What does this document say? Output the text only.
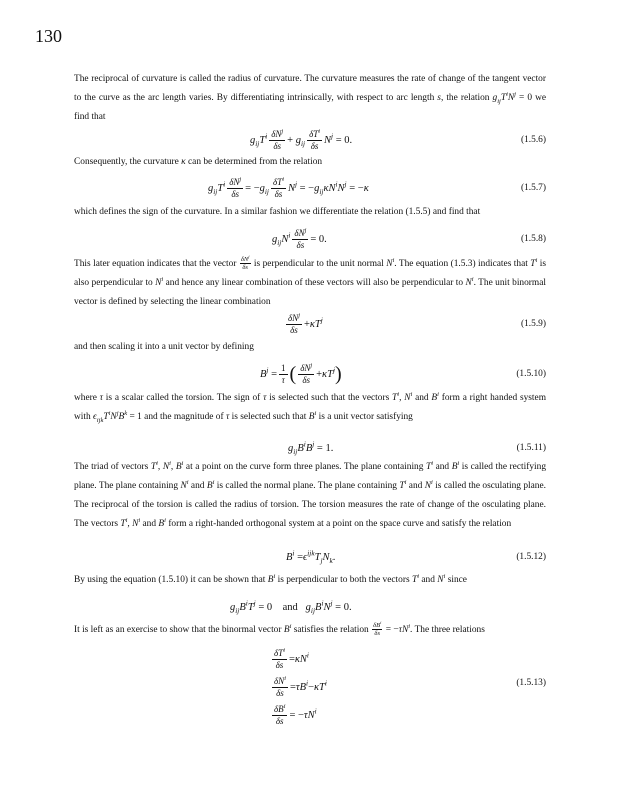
130

The reciprocal of curvature is called the radius of curvature. The curvature measures the rate of change of the tangent vector to the curve as the arc length varies. By differentiating intrinsically, with respect to arc length s, the relation $g_{ij}T^iN^j = 0$ we find that

$g_{ij}T^i \frac{\delta N^j}{\delta s} + g_{ij} \frac{\delta T^i}{\delta s} N^j = 0$.	(1.5.6)

Consequently, the curvature κ can be determined from the relation

$g_{ij}T^i \frac{\delta N^j}{\delta s}$ = − $g_{ij} \frac{\delta T^i}{\delta s} N^j$ = − $g_{ij}\kappa N^iN^j$ = − κ	(1.5.7)

which defines the sign of the curvature. In a similar fashion we differentiate the relation (1.5.5) and find that

$g_{ij}N^i \frac{\delta N^j}{\delta s} = 0$.	(1.5.8)

This later equation indicates that the vector $\delta N^j$
δs is perpendicular to the unit normal $N^i$. The equation (1.5.3) indicates that $T^i$ is also perpendicular to $N^i$ and hence any linear combination of these vectors will also be perpendicular to $N^i$. The unit binormal vector is defined by selecting the linear combination

$\frac{\delta N^j}{\delta s} + \kappa T^j$	(1.5.9)

and then scaling it into a unit vector by defining

$B^j = \frac{1}{\tau}$ ( $\frac{\delta N^j}{\delta s} + \kappa T^j$ )	(1.5.10)

where τ is a scalar called the torsion. The sign of τ is selected such that the vectors $T^i$, $N^i$ and $B^i$ form a right handed system with $\epsilon_{ijk}T^iN^jB^k = 1$ and the magnitude of τ is selected such that $B^i$ is a unit vector satisfying

$g_{ij}B^iB^j = 1$.	(1.5.11)

The triad of vectors $T^i$, $N^i$, $B^i$ at a point on the curve form three planes. The plane containing $T^i$ and $B^i$ is called the rectifying plane. The plane containing $N^i$ and $B^i$ is called the normal plane. The plane containing $T^i$ and $N^i$ is called the osculating plane. The reciprocal of the torsion is called the radius of torsion. The torsion measures the rate of change of the osculating plane. The vectors $T^i$, $N^i$ and $B^i$ form a right-handed orthogonal system at a point on the space curve and satisfy the relation

$B^i = \epsilon^{ijk}T_jN_k$ .	(1.5.12)

By using the equation (1.5.10) it can be shown that $B^i$ is perpendicular to both the vectors $T^i$ and $N^i$ since

$g_{ij}B^iT^j = 0$    and $g_{ij}B^iN^j = 0$.

It is left as an exercise to show that the binormal vector $B^i$ satisfies the relation $\delta B^i$
$\delta s = -\tau N^i$. The three relations

$\frac{\delta T^i}{\delta s} = \kappa N^i$
$\frac{\delta N^i}{\delta s} = \tau B^i - \kappa T^i$
$\frac{\delta B^i}{\delta s}$ = − $\tau N^i$
(1.5.13)
